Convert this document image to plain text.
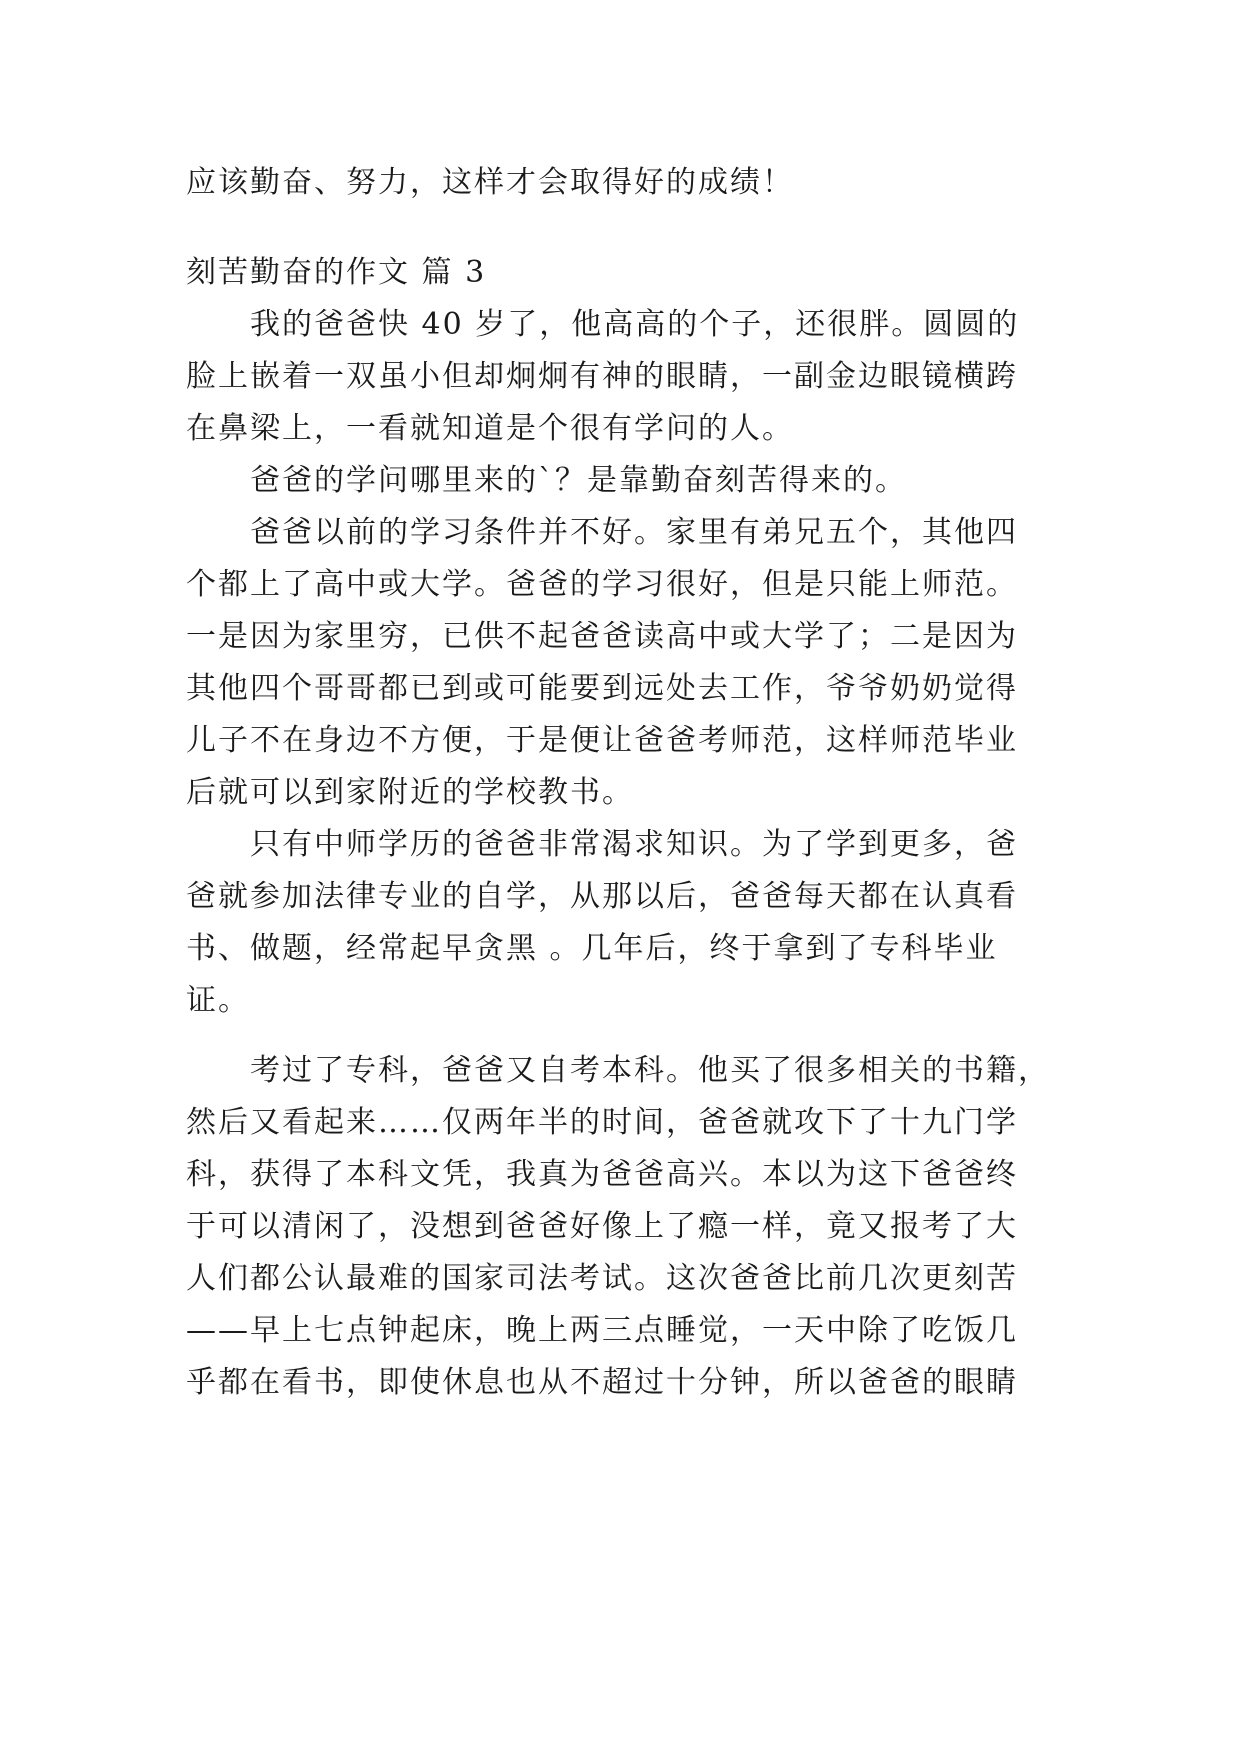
应该勤奋、努力，这样才会取得好的成绩！
刻苦勤奋的作文 篇 3
　　我的爸爸快 40 岁了，他高高的个子，还很胖。圆圆的
脸上嵌着一双虽小但却炯炯有神的眼睛，一副金边眼镜横跨
在鼻梁上，一看就知道是个很有学问的人。
　　爸爸的学问哪里来的`？是靠勤奋刻苦得来的。
　　爸爸以前的学习条件并不好。家里有弟兄五个，其他四
个都上了高中或大学。爸爸的学习很好，但是只能上师范。
一是因为家里穷，已供不起爸爸读高中或大学了；二是因为
其他四个哥哥都已到或可能要到远处去工作，爷爷奶奶觉得
儿子不在身边不方便，于是便让爸爸考师范，这样师范毕业
后就可以到家附近的学校教书。
　　只有中师学历的爸爸非常渴求知识。为了学到更多，爸
爸就参加法律专业的自学，从那以后，爸爸每天都在认真看
书、做题，经常起早贪黑 。几年后，终于拿到了专科毕业
证。
　　考过了专科，爸爸又自考本科。他买了很多相关的书籍，
然后又看起来……仅两年半的时间，爸爸就攻下了十九门学
科，获得了本科文凭，我真为爸爸高兴。本以为这下爸爸终
于可以清闲了，没想到爸爸好像上了瘾一样，竟又报考了大
人们都公认最难的国家司法考试。这次爸爸比前几次更刻苦
——早上七点钟起床，晚上两三点睡觉，一天中除了吃饭几
乎都在看书，即使休息也从不超过十分钟，所以爸爸的眼睛
